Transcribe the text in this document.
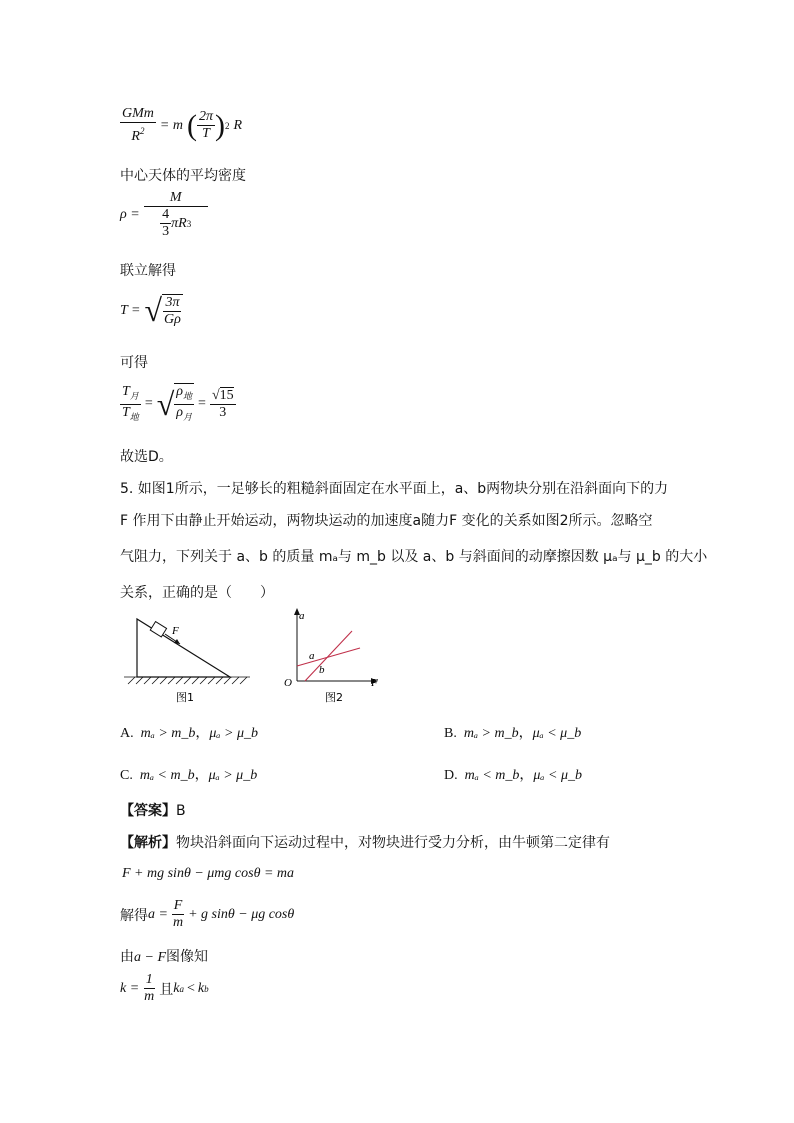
$\frac{\text{GMm}}{R^2} = m$ ( $\frac{2\pi}{T}$ ) 2 R
中心天体的平均密度
$\rho = \frac{M}{\frac{4}{3} \pi R 3}$
联立解得
T = √ $\frac{3\pi}{G\rho}$
可得
$\frac{T_月}{T_地}$ = √ $\frac{\rho_地}{\rho_月} = \frac{√15}{3}$
故选D。
5. 如图1所示，一足够长的粗糙斜面固定在水平面上，a、b两物块分别在沿斜面向下的力
F 作用下由静止开始运动，两物块运动的加速度a随力F 变化的关系如图2所示。忽略空
气阻力，下列关于 a、b 的质量 mₐ与 m_b 以及 a、b 与斜面间的动摩擦因数 μₐ与 μ_b 的大小
关系，正确的是（　　）
F
图1
a
F
O
a
b
图2
A. mₐ > m_b，μₐ > μ_b	B. mₐ > m_b，μₐ < μ_b
C. mₐ < m_b，μₐ > μ_b	D. mₐ < m_b，μₐ < μ_b
【答案】B
【解析】物块沿斜面向下运动过程中，对物块进行受力分析，由牛顿第二定律有
F + mg sinθ − μmg cosθ = ma
解得 $a = \frac{F}{m} + g$ sinθ − μg cosθ
由a − F图像知
$k = \frac{1}{m}$ 且 k a < k b
